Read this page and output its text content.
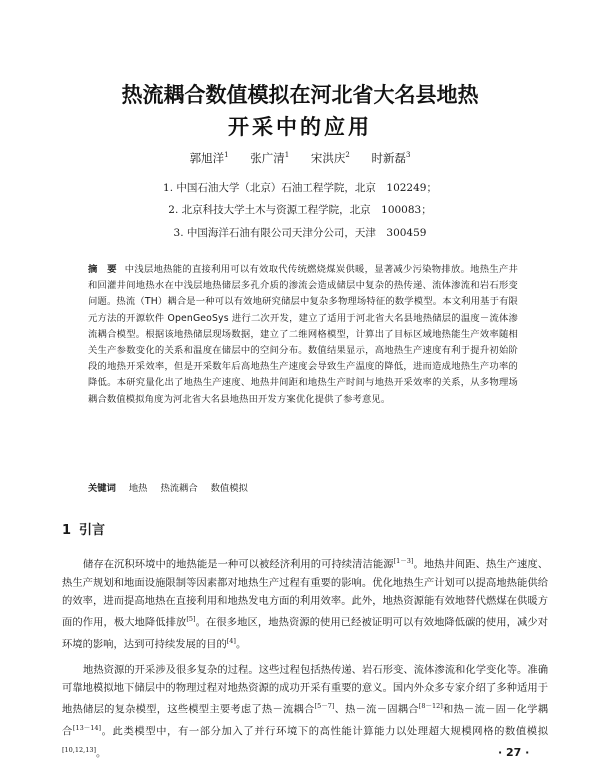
热流耦合数值模拟在河北省大名县地热
开采中的应用
郭旭洋$^1$ 张广清$^1$ 宋洪庆$^2$ 时新磊$^3$
1. 中国石油大学（北京）石油工程学院，北京　102249；
2. 北京科技大学土木与资源工程学院，北京　100083；
3. 中国海洋石油有限公司天津分公司，天津　300459
摘　要 中浅层地热能的直接利用可以有效取代传统燃烧煤炭供暖，显著减少污染物排放。地热生产井和回灌井间地热水在中浅层地热储层多孔介质的渗流会造成储层中复杂的热传递、流体渗流和岩石形变问题。热流（TH）耦合是一种可以有效地研究储层中复杂多物理场特征的数学模型。本文利用基于有限元方法的开源软件 OpenGeoSys 进行二次开发，建立了适用于河北省大名县地热储层的温度－流体渗流耦合模型。根据该地热储层现场数据，建立了二维网格模型，计算出了目标区域地热能生产效率随相关生产参数变化的关系和温度在储层中的空间分布。数值结果显示，高地热生产速度有利于提升初始阶段的地热开采效率，但是开采数年后高地热生产速度会导致生产温度的降低，进而造成地热生产功率的降低。本研究量化出了地热生产速度、地热井间距和地热生产时间与地热开采效率的关系，从多物理场耦合数值模拟角度为河北省大名县地热田开发方案优化提供了参考意见。
关键词 地热 热流耦合 数值模拟
1 引言

储存在沉积环境中的地热能是一种可以被经济利用的可持续清洁能源[1－3]。地热井间距、热生产速度、热生产规划和地面设施限制等因素都对地热生产过程有重要的影响。优化地热生产计划可以提高地热能供给的效率，进而提高地热在直接利用和地热发电方面的利用效率。此外，地热资源能有效地替代燃煤在供暖方面的作用，极大地降低排放[5]。在很多地区，地热资源的使用已经被证明可以有效地降低碳的使用，减少对环境的影响，达到可持续发展的目的[4]。

地热资源的开采涉及很多复杂的过程。这些过程包括热传递、岩石形变、流体渗流和化学变化等。准确可靠地模拟地下储层中的物理过程对地热资源的成功开采有重要的意义。国内外众多专家介绍了多种适用于地热储层的复杂模型，这些模型主要考虑了热－流耦合[5－7]、热－流－固耦合[8－12]和热－流－固－化学耦合[13－14]。此类模型中，有一部分加入了并行环境下的高性能计算能力以处理超大规模网格的数值模拟[10,12,13]。	· 27 ·
